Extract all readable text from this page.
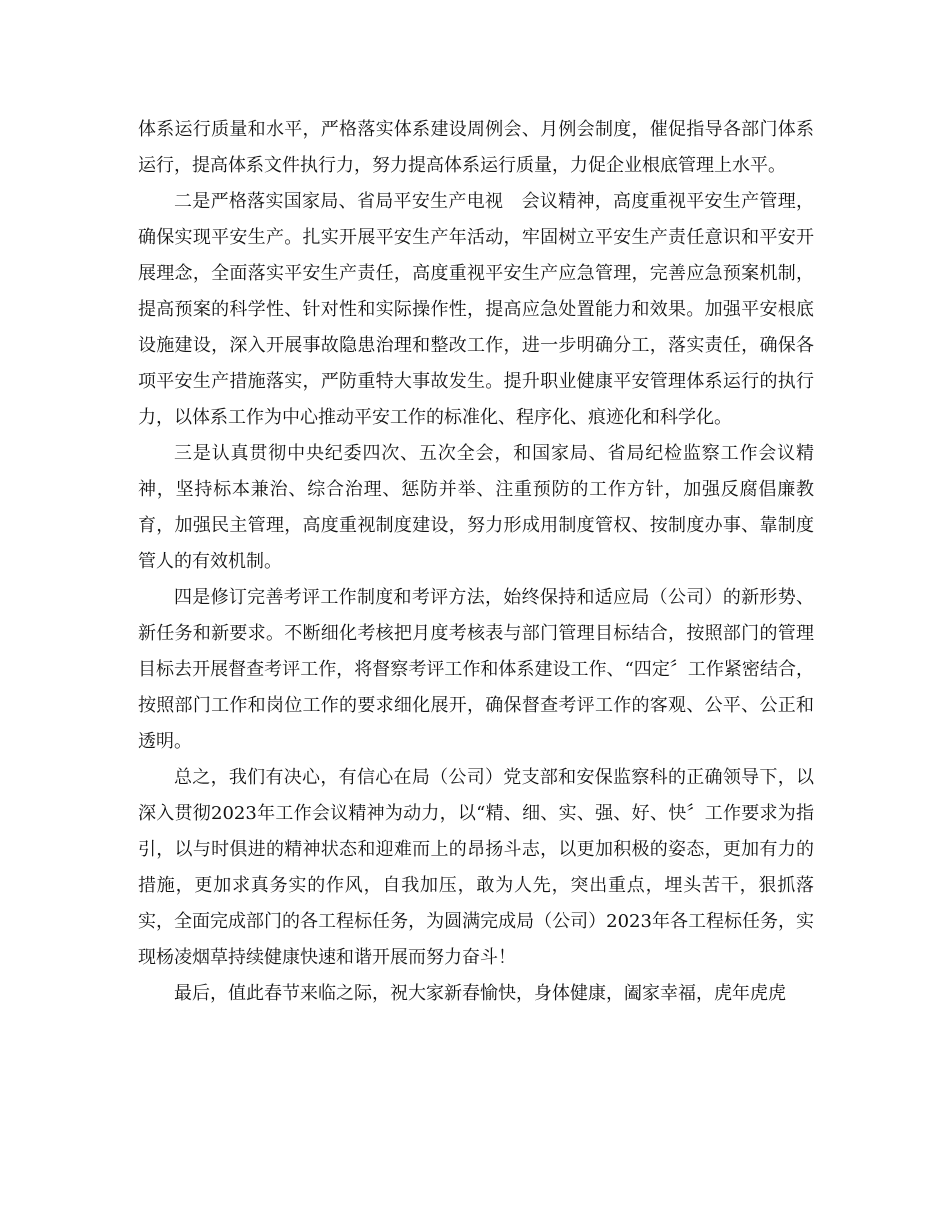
体系运行质量和水平，严格落实体系建设周例会、月例会制度，催促指导各部门体系运行，提高体系文件执行力，努力提高体系运行质量，力促企业根底管理上水平。

二是严格落实国家局、省局平安生产电视　会议精神，高度重视平安生产管理，确保实现平安生产。扎实开展平安生产年活动，牢固树立平安生产责任意识和平安开展理念，全面落实平安生产责任，高度重视平安生产应急管理，完善应急预案机制，提高预案的科学性、针对性和实际操作性，提高应急处置能力和效果。加强平安根底设施建设，深入开展事故隐患治理和整改工作，进一步明确分工，落实责任，确保各项平安生产措施落实，严防重特大事故发生。提升职业健康平安管理体系运行的执行力，以体系工作为中心推动平安工作的标准化、程序化、痕迹化和科学化。

三是认真贯彻中央纪委四次、五次全会，和国家局、省局纪检监察工作会议精神，坚持标本兼治、综合治理、惩防并举、注重预防的工作方针，加强反腐倡廉教育，加强民主管理，高度重视制度建设，努力形成用制度管权、按制度办事、靠制度管人的有效机制。

四是修订完善考评工作制度和考评方法，始终保持和适应局（公司）的新形势、新任务和新要求。不断细化考核把月度考核表与部门管理目标结合，按照部门的管理目标去开展督查考评工作，将督察考评工作和体系建设工作、“四定〞工作紧密结合，按照部门工作和岗位工作的要求细化展开，确保督查考评工作的客观、公平、公正和透明。

总之，我们有决心，有信心在局（公司）党支部和安保监察科的正确领导下，以深入贯彻2023年工作会议精神为动力，以“精、细、实、强、好、快〞工作要求为指引，以与时俱进的精神状态和迎难而上的昂扬斗志，以更加积极的姿态，更加有力的措施，更加求真务实的作风，自我加压，敢为人先，突出重点，埋头苦干，狠抓落实，全面完成部门的各工程标任务，为圆满完成局（公司）2023年各工程标任务，实现杨凌烟草持续健康快速和谐开展而努力奋斗！

最后，值此春节来临之际，祝大家新春愉快，身体健康，阖家幸福，虎年虎虎
